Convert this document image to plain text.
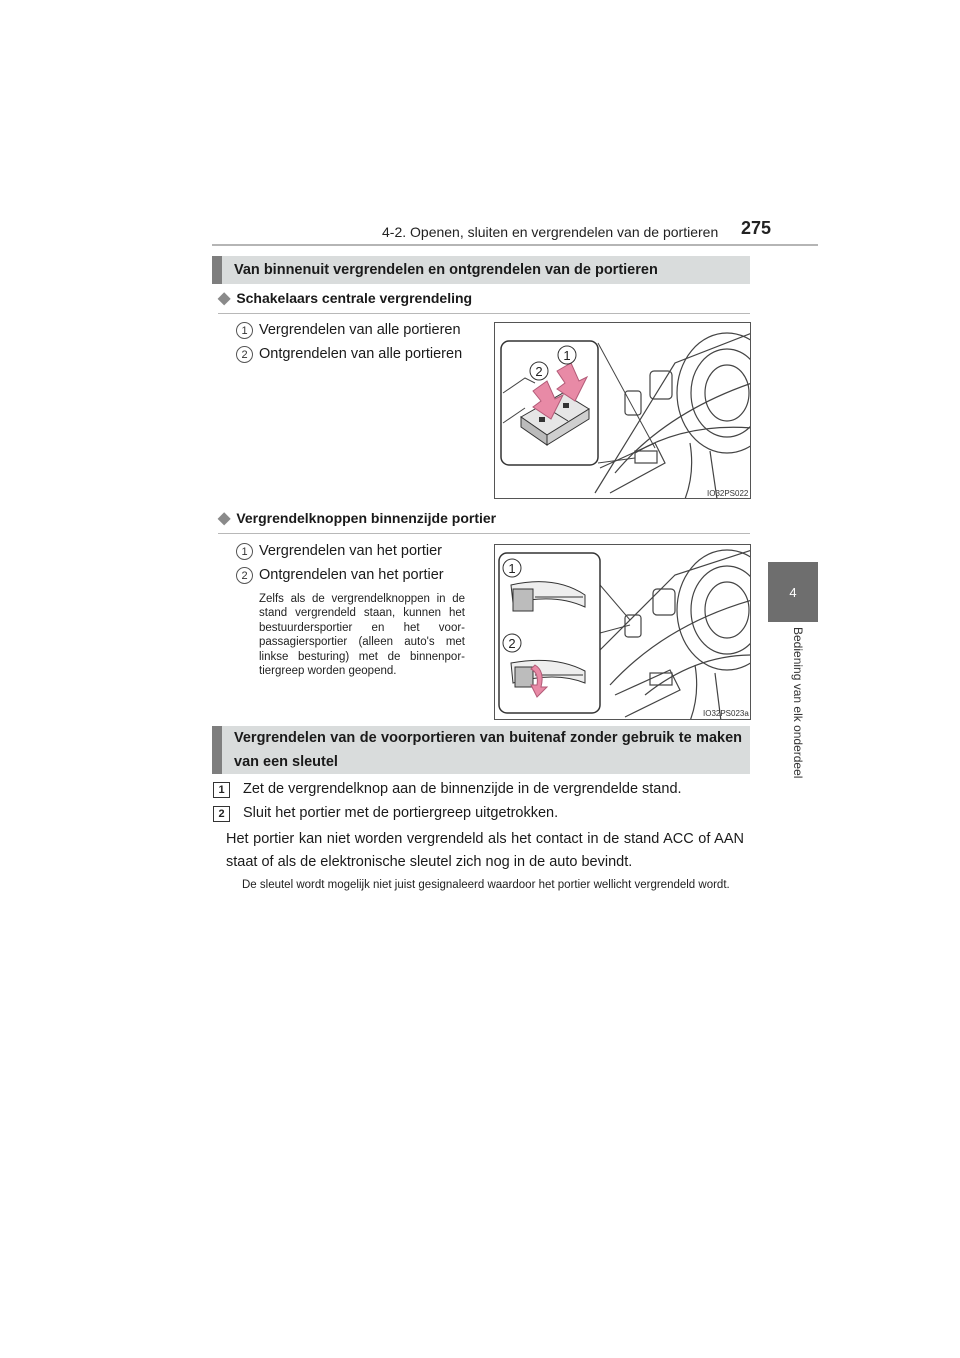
4-2. Openen, sluiten en vergrendelen van de portieren 275
4
Bediening van elk onderdeel
Van binnenuit vergrendelen en ontgrendelen van de portieren
◆ Schakelaars centrale vergrendeling
1 Vergrendelen van alle portieren
2 Ontgrendelen van alle portieren
2
1
IO32PS022
◆ Vergrendelknoppen binnenzijde portier
1 Vergrendelen van het portier
2 Ontgrendelen van het portier
Zelfs als de vergrendelknoppen in de stand vergrendeld staan, kunnen het bestuurdersportier en het voor-passagiersportier (alleen auto's met linkse besturing) met de binnenpor-tiergreep worden geopend.
1
2
IO32PS023a
Vergrendelen van de voorportieren van buitenaf zonder gebruik te maken van een sleutel
1	Zet de vergrendelknop aan de binnenzijde in de vergrendelde stand.
2	Sluit het portier met de portiergreep uitgetrokken.
Het portier kan niet worden vergrendeld als het contact in de stand ACC of AAN staat of als de elektronische sleutel zich nog in de auto bevindt.
De sleutel wordt mogelijk niet juist gesignaleerd waardoor het portier wellicht vergrendeld wordt.
